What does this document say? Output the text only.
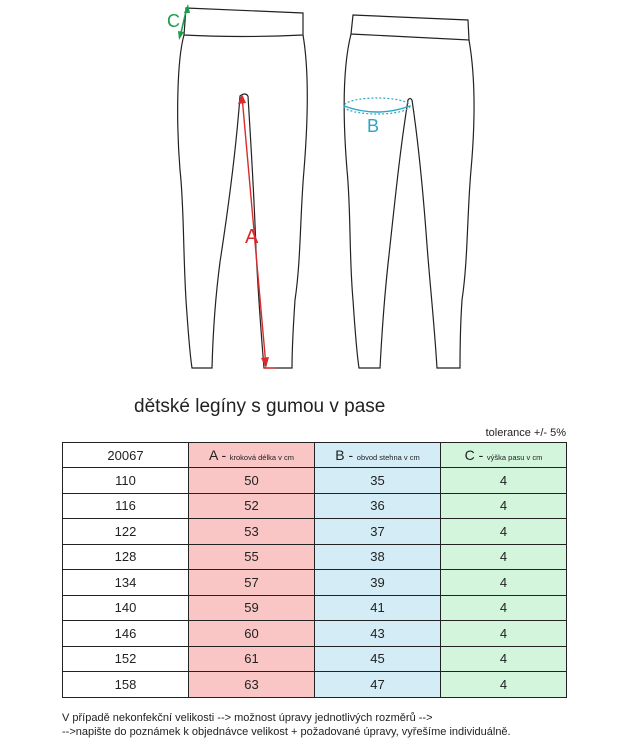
A
B
C
dětské legíny s gumou v pase
tolerance +/- 5%
20067	A - kroková délka v cm	B - obvod stehna v cm	C - výška pasu v cm
110	50	35	4
116	52	36	4
122	53	37	4
128	55	38	4
134	57	39	4
140	59	41	4
146	60	43	4
152	61	45	4
158	63	47	4
V případě nekonfekční velikosti --> možnost úpravy jednotlivých rozměrů -->
-->napište do poznámek k objednávce velikost + požadované úpravy, vyřešíme individuálně.
